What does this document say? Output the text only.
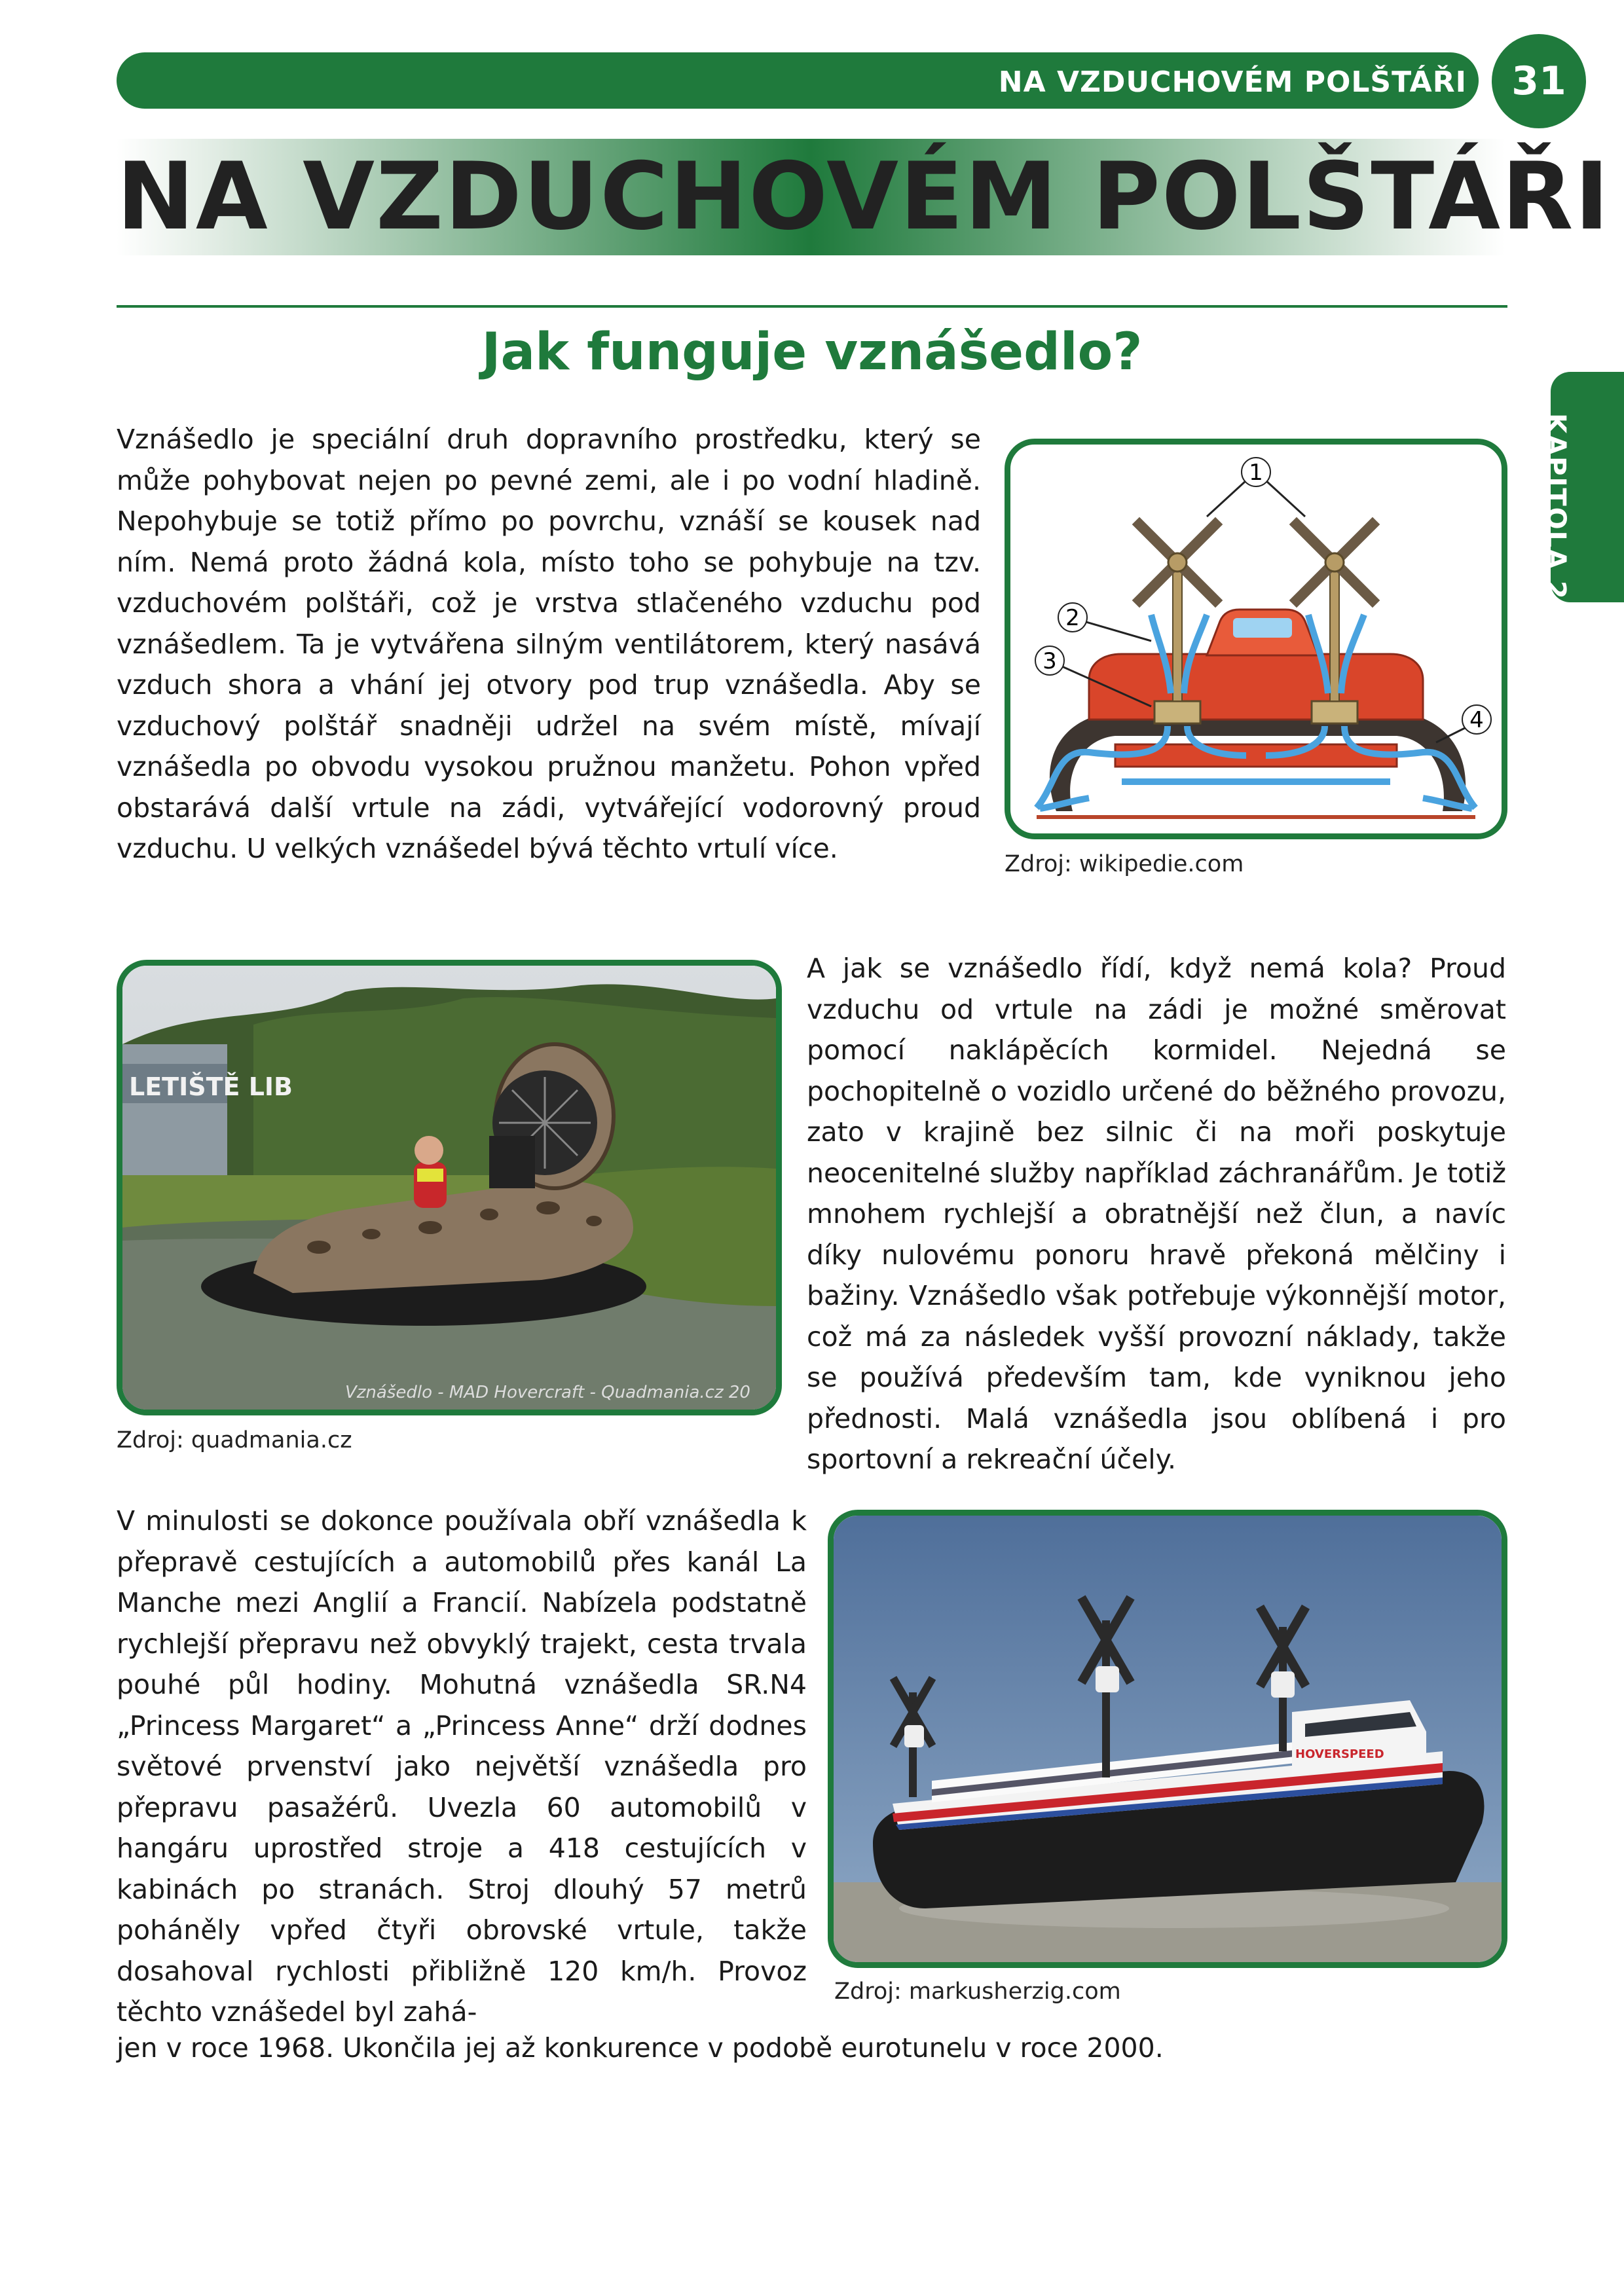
NA VZDUCHOVÉM POLŠTÁŘI	31
NA VZDUCHOVÉM POLŠTÁŘI
Jak funguje vznášedlo?
KAPITOLA 2
Vznášedlo je speciální druh dopravního prostředku, který se může pohybovat nejen po pevné zemi, ale i po vodní hladině. Nepohybuje se totiž přímo po povrchu, vznáší se kousek nad ním. Nemá proto žádná kola, místo toho se pohybuje na tzv. vzduchovém polštáři, což je vrstva stlačeného vzduchu pod vznášedlem. Ta je vytvářena silným ventilátorem, který nasává vzduch shora a vhání jej otvory pod trup vznášedla. Aby se vzduchový polštář snadněji udržel na svém místě, mívají vznášedla po obvodu vysokou pružnou manžetu. Pohon vpřed obstarává další vrtule na zádi, vytvářející vodorovný proud vzduchu. U velkých vznášedel bývá těchto vrtulí více.
1
2
3
4
Zdroj: wikipedie.com
LETIŠTĚ LIB
Vznášedlo - MAD Hovercraft - Quadmania.cz 20
Zdroj: quadmania.cz
A jak se vznášedlo řídí, když nemá kola? Proud vzduchu od vrtule na zádi je možné směrovat pomocí naklápěcích kormidel. Nejedná se pochopitelně o vozidlo určené do běžného provozu, zato v krajině bez silnic či na moři poskytuje neocenitelné služby například záchranářům. Je totiž mnohem rychlejší a obratnější než člun, a navíc díky nulovému ponoru hravě překoná mělčiny i bažiny. Vznášedlo však potřebuje výkonnější motor, což má za následek vyšší provozní náklady, takže se používá především tam, kde vyniknou jeho přednosti. Malá vznášedla jsou oblíbená i pro sportovní a rekreační účely.
V minulosti se dokonce používala obří vznášedla k přepravě cestujících a automobilů přes kanál La Manche mezi Anglií a Francií. Nabízela podstatně rychlejší přepravu než obvyklý trajekt, cesta trvala pouhé půl hodiny. Mohutná vznášedla SR.N4 „Princess Margaret“ a „Princess Anne“ drží dodnes světové prvenství jako největší vznášedla pro přepravu pasažérů. Uvezla 60 automobilů v hangáru uprostřed stroje a 418 cestujících v kabinách po stranách. Stroj dlouhý 57 metrů poháněly vpřed čtyři obrovské vrtule, takže dosahoval rychlosti přibližně 120 km/h. Provoz těchto vznášedel byl zahá-
jen v roce 1968. Ukončila jej až konkurence v podobě eurotunelu v roce 2000.
HOVERSPEED
Zdroj: markusherzig.com
